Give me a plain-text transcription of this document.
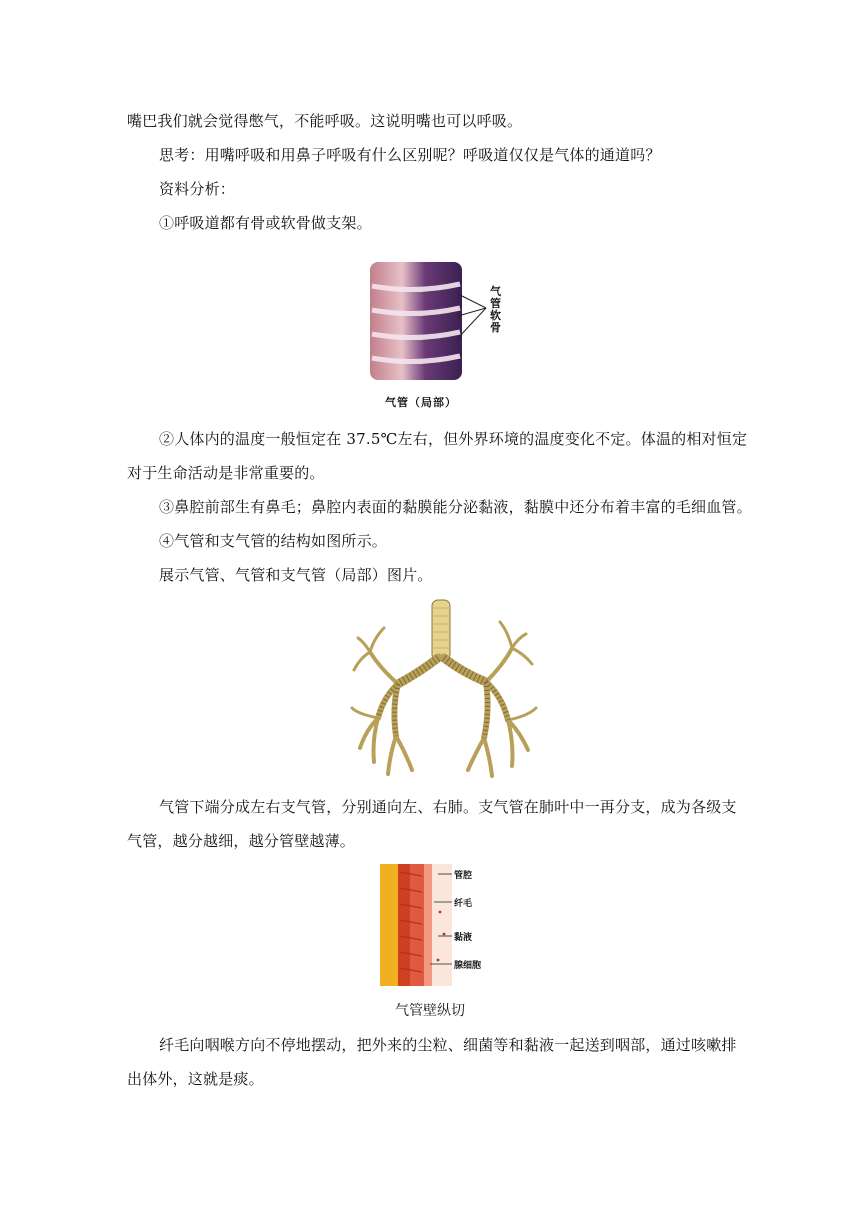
嘴巴我们就会觉得憋气，不能呼吸。这说明嘴也可以呼吸。
思考：用嘴呼吸和用鼻子呼吸有什么区别呢？呼吸道仅仅是气体的通道吗？
资料分析：
①呼吸道都有骨或软骨做支架。
气管软骨
气管（局部）
②人体内的温度一般恒定在 37.5℃左右，但外界环境的温度变化不定。体温的相对恒定
对于生命活动是非常重要的。
③鼻腔前部生有鼻毛；鼻腔内表面的黏膜能分泌黏液，黏膜中还分布着丰富的毛细血管。
④气管和支气管的结构如图所示。
展示气管、气管和支气管（局部）图片。
气管下端分成左右支气管，分别通向左、右肺。支气管在肺叶中一再分支，成为各级支
气管，越分越细，越分管壁越薄。
管腔
纤毛
黏液
腺细胞
气管壁纵切
纤毛向咽喉方向不停地摆动，把外来的尘粒、细菌等和黏液一起送到咽部，通过咳嗽排
出体外，这就是痰。
